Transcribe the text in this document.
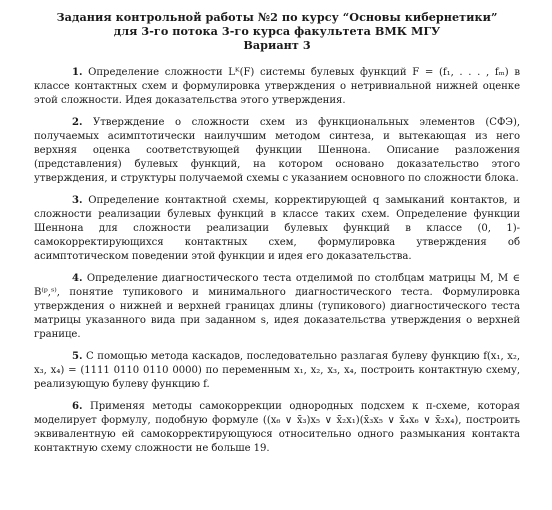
Задания контрольной работы №2 по курсу “Основы кибернетики”
для 3-го потока 3-го курса факультета ВМК МГУ
Вариант 3

1. Определение сложности Lᴷ(F) системы булевых функций F = (f₁, . . . , fₘ) в классе контактных схем и формулировка утверждения о нетривиальной нижней оценке этой сложности. Идея доказательства этого утверждения.

2. Утверждение о сложности схем из функциональных элементов (СФЭ), получаемых асимптотически наилучшим методом синтеза, и вытекающая из него верхняя оценка соответствующей функции Шеннона. Описание разложения (представления) булевых функций, на котором основано доказательство этого утверждения, и структуры получаемой схемы с указанием основного по сложности блока.

3. Определение контактной схемы, корректирующей q замыканий контактов, и сложности реализации булевых функций в классе таких схем. Определение функции Шеннона для сложности реализации булевых функций в классе (0, 1)-самокорректирующихся контактных схем, формулировка утверждения об асимптотическом поведении этой функции и идея его доказательства.

4. Определение диагностического теста отделимой по столбцам матрицы M, M ∈ B⁽ᵖ,ˢ⁾, понятие тупикового и минимального диагностического теста. Формулировка утверждения о нижней и верхней границах длины (тупикового) диагностического теста матрицы указанного вида при заданном s, идея доказательства утверждения о верхней границе.

5. С помощью метода каскадов, последовательно разлагая булеву функцию f(x₁, x₂, x₃, x₄) = (1111 0110 0110 0000) по переменным x₁, x₂, x₃, x₄, построить контактную схему, реализующую булеву функцию f.

6. Применяя методы самокоррекции однородных подсхем к π-схеме, которая моделирует формулу, подобную формуле ((x₆ ∨ x̄₃)x₅ ∨ x̄₂x₁)(x̄₃x₅ ∨ x̄₄x₆ ∨ x̄₂x₄), построить эквивалентную ей самокорректирующуюся относительно одного размыкания контакта контактную схему сложности не больше 19.
